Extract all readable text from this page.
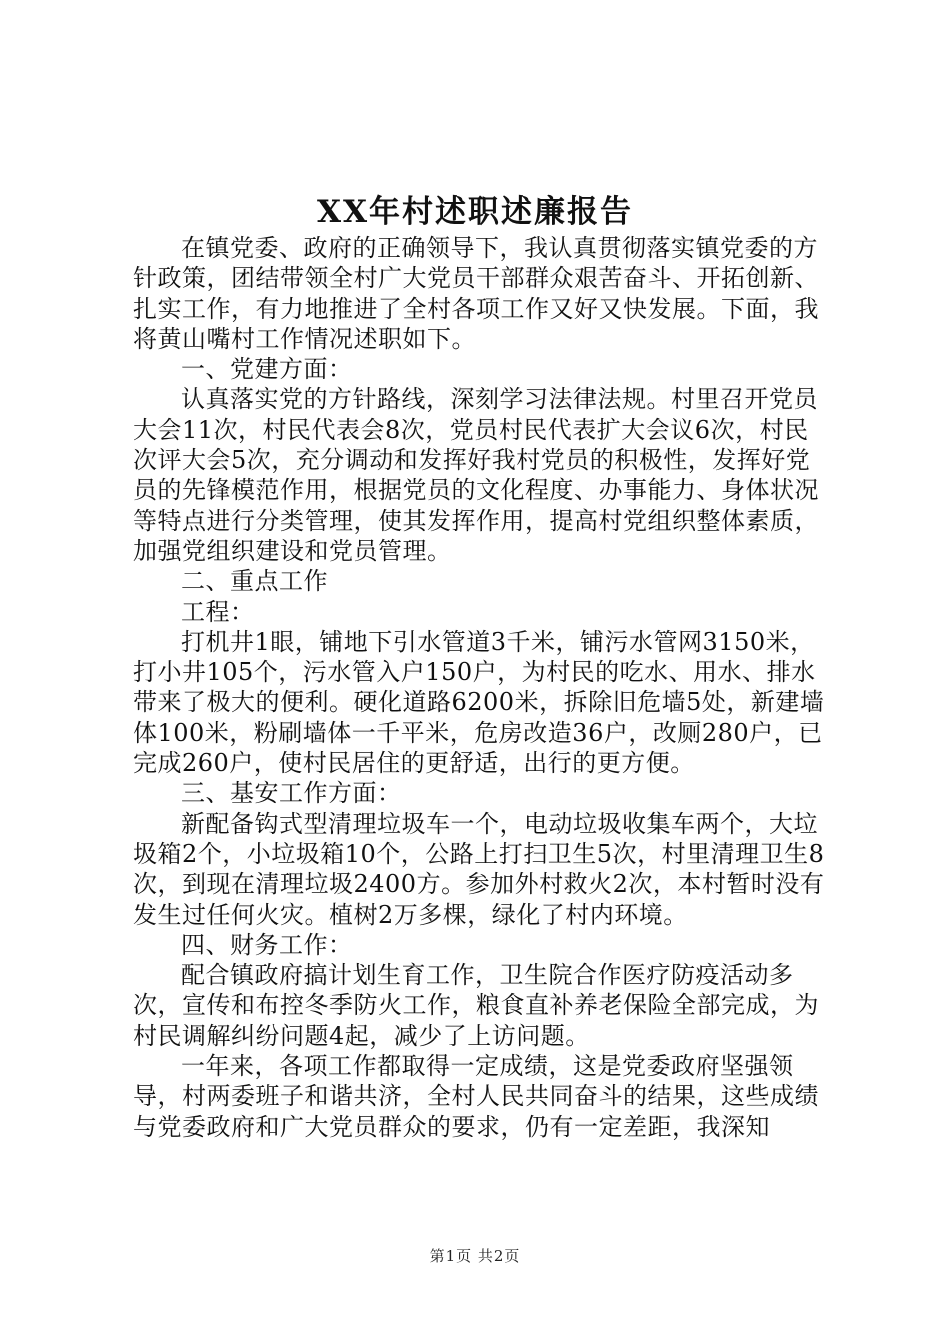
XX年村述职述廉报告

在镇党委、政府的正确领导下，我认真贯彻落实镇党委的方针政策，团结带领全村广大党员干部群众艰苦奋斗、开拓创新、扎实工作，有力地推进了全村各项工作又好又快发展。下面，我将黄山嘴村工作情况述职如下。

一、党建方面：

认真落实党的方针路线，深刻学习法律法规。村里召开党员大会11次，村民代表会8次，党员村民代表扩大会议6次，村民次评大会5次，充分调动和发挥好我村党员的积极性，发挥好党员的先锋模范作用，根据党员的文化程度、办事能力、身体状况等特点进行分类管理，使其发挥作用，提高村党组织整体素质，加强党组织建设和党员管理。

二、重点工作

工程：

打机井1眼，铺地下引水管道3千米，铺污水管网3150米，打小井105个，污水管入户150户，为村民的吃水、用水、排水带来了极大的便利。硬化道路6200米，拆除旧危墙5处，新建墙体100米，粉刷墙体一千平米，危房改造36户，改厕280户，已完成260户，使村民居住的更舒适，出行的更方便。

三、基安工作方面：

新配备钩式型清理垃圾车一个，电动垃圾收集车两个，大垃圾箱2个，小垃圾箱10个，公路上打扫卫生5次，村里清理卫生8次，到现在清理垃圾2400方。参加外村救火2次，本村暂时没有发生过任何火灾。植树2万多棵，绿化了村内环境。

四、财务工作：

配合镇政府搞计划生育工作，卫生院合作医疗防疫活动多次，宣传和布控冬季防火工作，粮食直补养老保险全部完成，为村民调解纠纷问题4起，减少了上访问题。

一年来，各项工作都取得一定成绩，这是党委政府坚强领导，村两委班子和谐共济，全村人民共同奋斗的结果，这些成绩与党委政府和广大党员群众的要求，仍有一定差距，我深知

第1页 共2页
